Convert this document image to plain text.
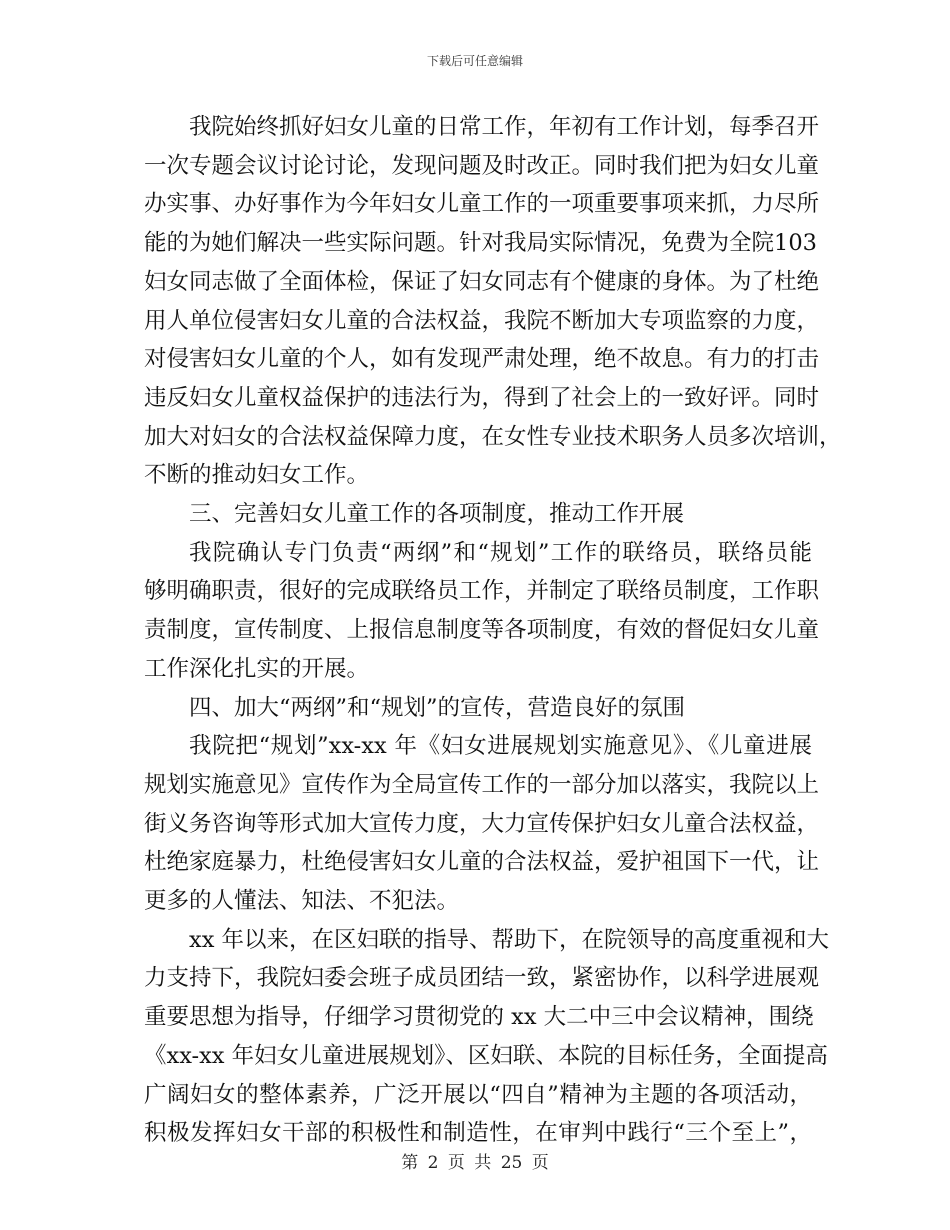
下载后可任意编辑
我院始终抓好妇女儿童的日常工作，年初有工作计划，每季召开
一次专题会议讨论讨论，发现问题及时改正。同时我们把为妇女儿童
办实事、办好事作为今年妇女儿童工作的一项重要事项来抓，力尽所
能的为她们解决一些实际问题。针对我局实际情况，免费为全院103
妇女同志做了全面体检，保证了妇女同志有个健康的身体。为了杜绝
用人单位侵害妇女儿童的合法权益，我院不断加大专项监察的力度，
对侵害妇女儿童的个人，如有发现严肃处理，绝不故息。有力的打击
违反妇女儿童权益保护的违法行为，得到了社会上的一致好评。同时
加大对妇女的合法权益保障力度，在女性专业技术职务人员多次培训，
不断的推动妇女工作。
三、完善妇女儿童工作的各项制度，推动工作开展
我院确认专门负责“两纲”和“规划”工作的联络员，联络员能
够明确职责，很好的完成联络员工作，并制定了联络员制度，工作职
责制度，宣传制度、上报信息制度等各项制度，有效的督促妇女儿童
工作深化扎实的开展。
四、加大“两纲”和“规划”的宣传，营造良好的氛围
我院把“规划”xx-xx 年《妇女进展规划实施意见》、《儿童进展
规划实施意见》宣传作为全局宣传工作的一部分加以落实，我院以上
街义务咨询等形式加大宣传力度，大力宣传保护妇女儿童合法权益，
杜绝家庭暴力，杜绝侵害妇女儿童的合法权益，爱护祖国下一代，让
更多的人懂法、知法、不犯法。
xx 年以来，在区妇联的指导、帮助下，在院领导的高度重视和大
力支持下，我院妇委会班子成员团结一致，紧密协作，以科学进展观
重要思想为指导，仔细学习贯彻党的 xx 大二中三中会议精神，围绕
《xx-xx 年妇女儿童进展规划》、区妇联、本院的目标任务，全面提高
广阔妇女的整体素养，广泛开展以“四自”精神为主题的各项活动，
积极发挥妇女干部的积极性和制造性，在审判中践行“三个至上”，
第 2 页 共 25 页
